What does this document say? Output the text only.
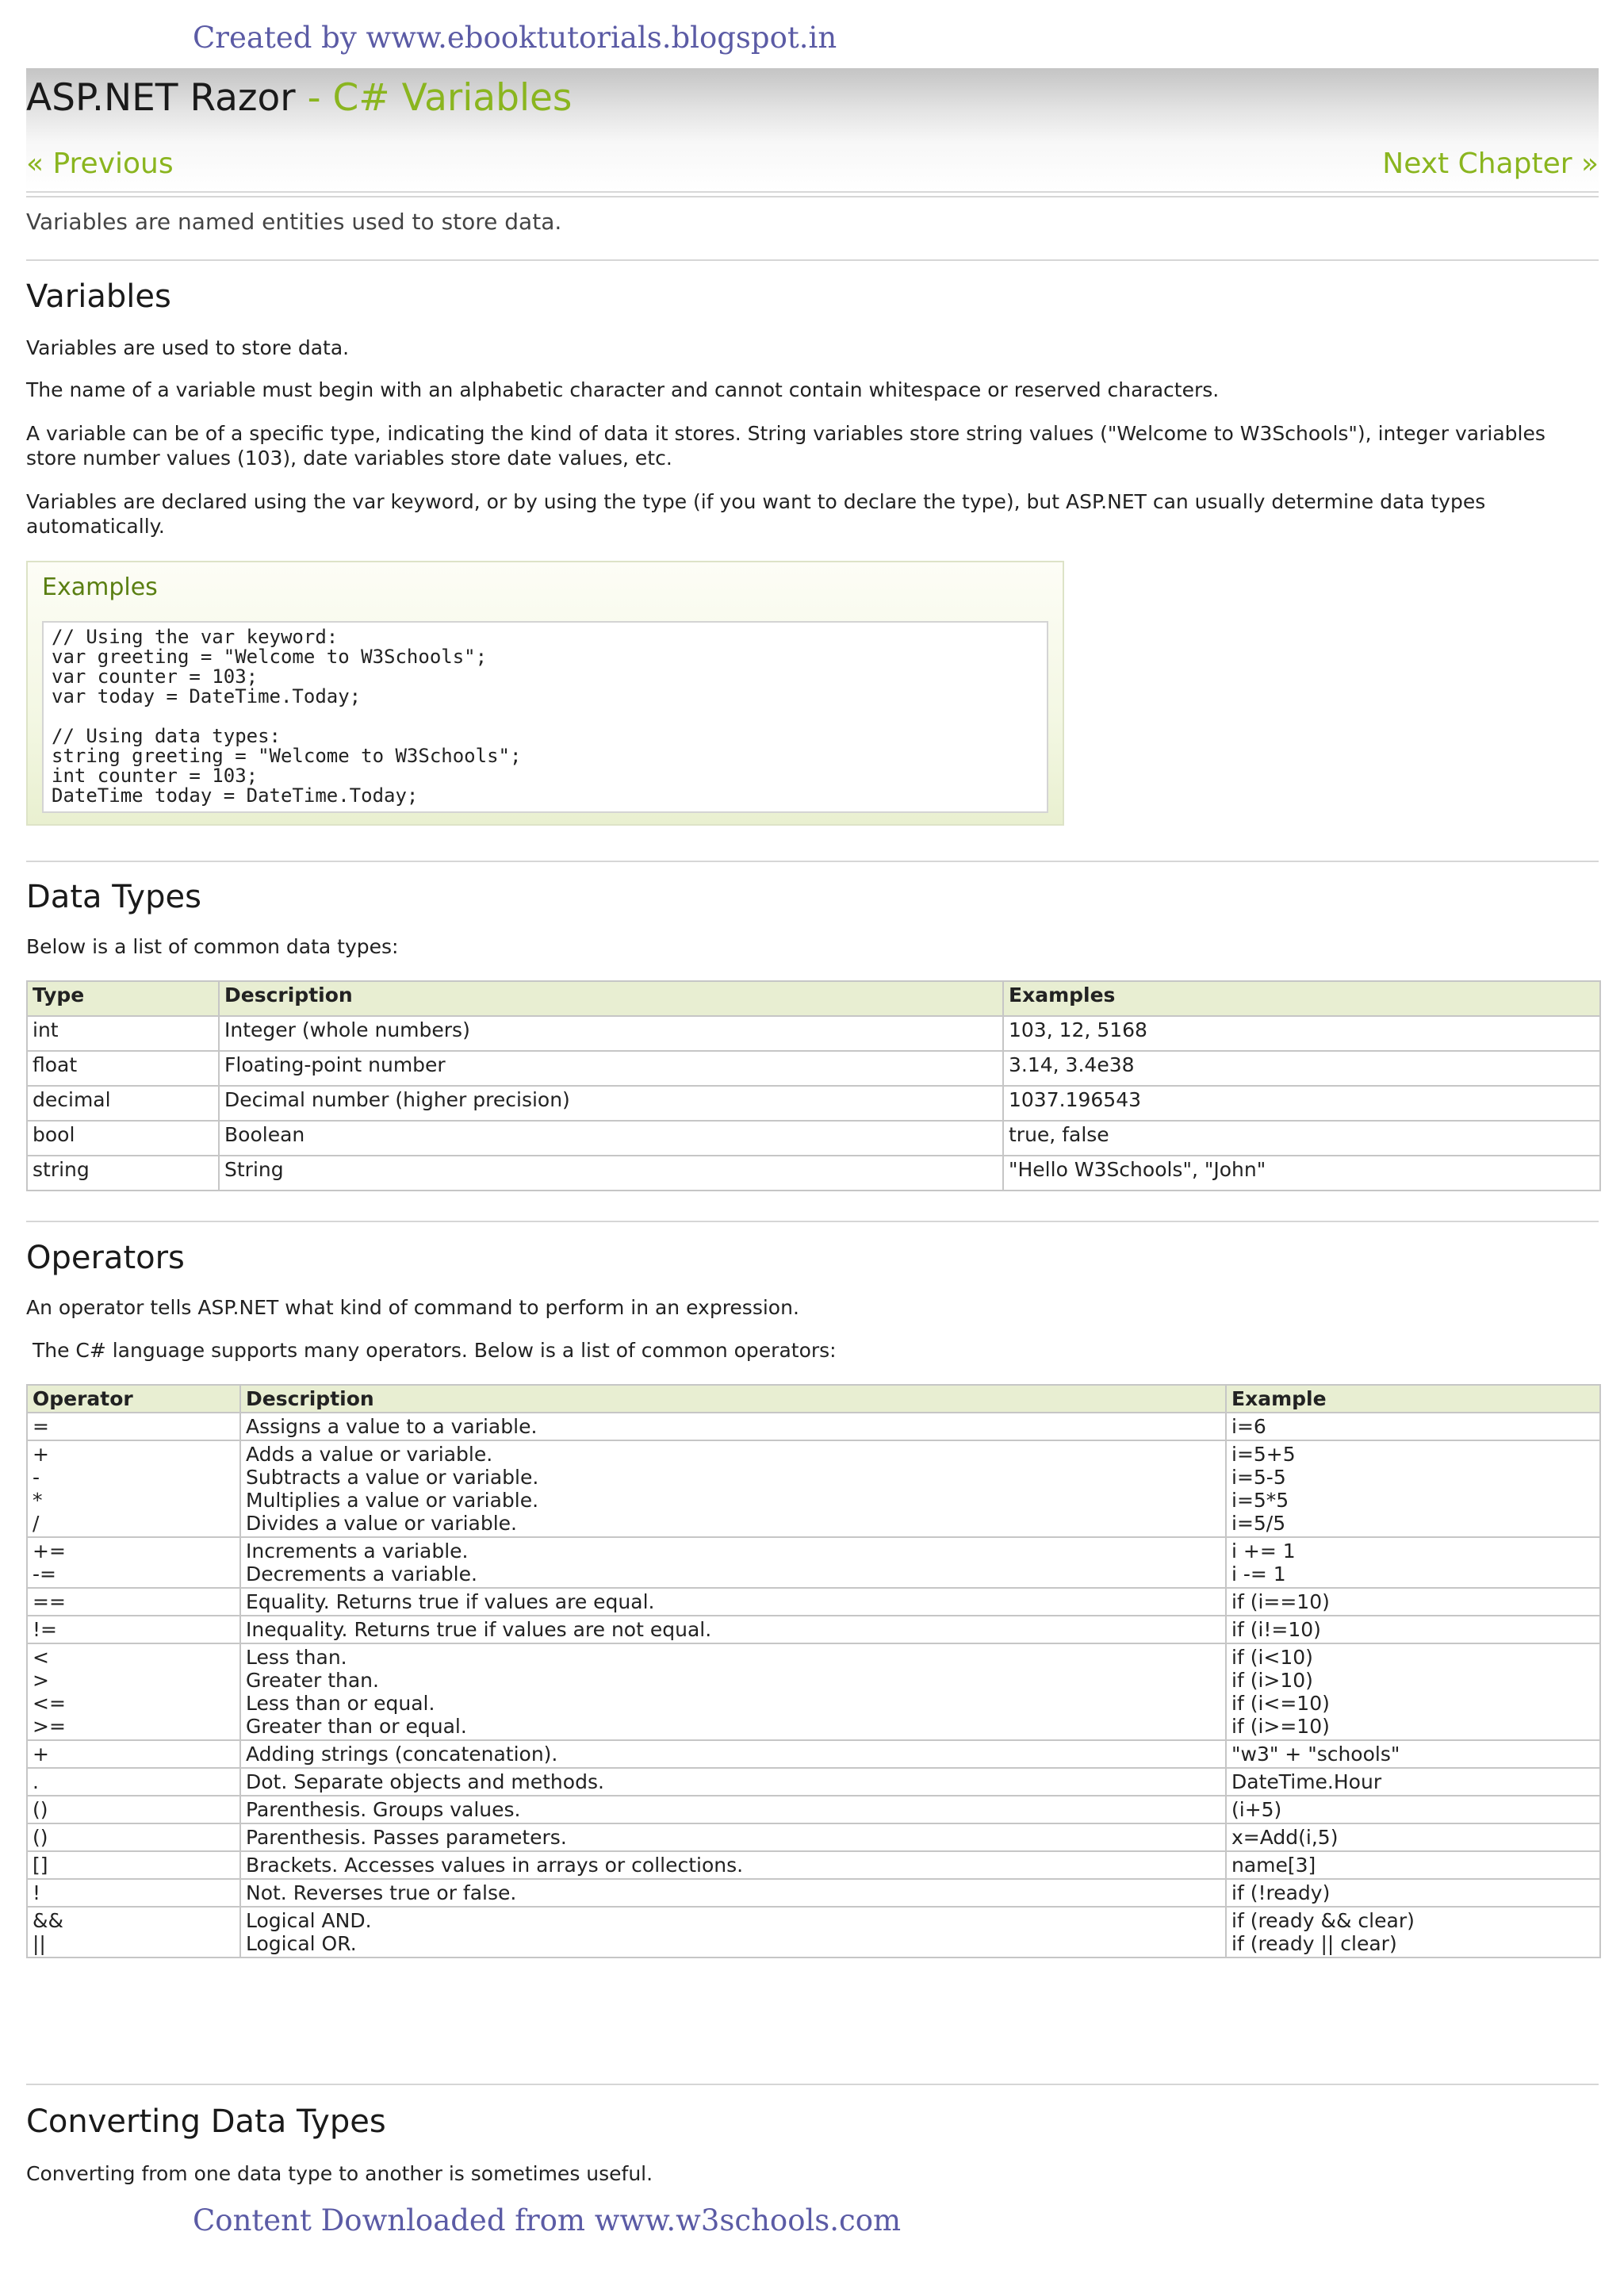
Created by www.ebooktutorials.blogspot.in
ASP.NET Razor - C# Variables
« Previous	Next Chapter »
Variables are named entities used to store data.
Variables

Variables are used to store data.

The name of a variable must begin with an alphabetic character and cannot contain whitespace or reserved characters.

A variable can be of a specific type, indicating the kind of data it stores. String variables store string values ("Welcome to W3Schools"), integer variables store number values (103), date variables store date values, etc.

Variables are declared using the var keyword, or by using the type (if you want to declare the type), but ASP.NET can usually determine data types automatically.

Examples
// Using the var keyword:
var greeting = "Welcome to W3Schools";
var counter = 103;
var today = DateTime.Today;
// Using data types:
string greeting = "Welcome to W3Schools";
int counter = 103;
DateTime today = DateTime.Today;
Data Types

Below is a list of common data types:

Type	Description	Examples
int	Integer (whole numbers)	103, 12, 5168
float	Floating-point number	3.14, 3.4e38
decimal	Decimal number (higher precision)	1037.196543
bool	Boolean	true, false
string	String	"Hello W3Schools", "John"
Operators

An operator tells ASP.NET what kind of command to perform in an expression.

The C# language supports many operators. Below is a list of common operators:

Operator	Description	Example

=	Assigns a value to a variable.	i=6

+
-
*
/	Adds a value or variable.
Subtracts a value or variable.
Multiplies a value or variable.
Divides a value or variable.	i=5+5
i=5-5
i=5*5
i=5/5

+=
-=	Increments a variable.
Decrements a variable.	i += 1
i -= 1

==	Equality. Returns true if values are equal.	if (i==10)

!=	Inequality. Returns true if values are not equal.	if (i!=10)

<
>
<=
>=	Less than.
Greater than.
Less than or equal.
Greater than or equal.	if (i<10)
if (i>10)
if (i<=10)
if (i>=10)

+	Adding strings (concatenation).	"w3" + "schools"

.	Dot. Separate objects and methods.	DateTime.Hour

()	Parenthesis. Groups values.	(i+5)

()	Parenthesis. Passes parameters.	x=Add(i,5)

[]	Brackets. Accesses values in arrays or collections.	name[3]

!	Not. Reverses true or false.	if (!ready)

&&
||	Logical AND.
Logical OR.	if (ready && clear)
if (ready || clear)
Converting Data Types

Converting from one data type to another is sometimes useful.

Content Downloaded from www.w3schools.com
